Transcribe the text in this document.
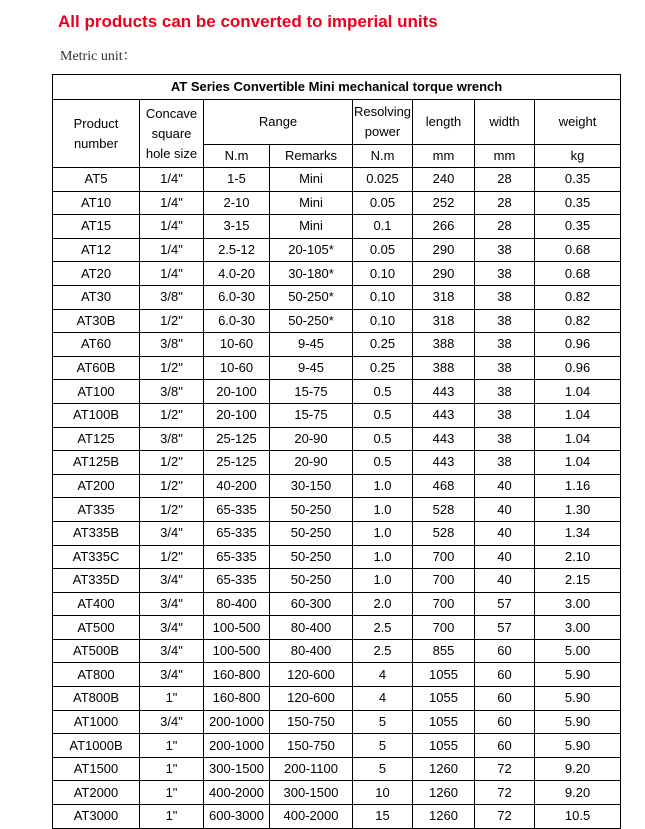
All products can be converted to imperial units
Metric unit：
AT Series Convertible Mini mechanical torque wrench							
Product number	Concave square hole size	Range		Resolving power	length	width	weight
		N.m	Remarks	N.m	mm	mm	kg
AT5	1/4"	1-5	Mini	0.025	240	28	0.35
AT10	1/4"	2-10	Mini	0.05	252	28	0.35
AT15	1/4"	3-15	Mini	0.1	266	28	0.35
AT12	1/4"	2.5-12	20-105*	0.05	290	38	0.68
AT20	1/4"	4.0-20	30-180*	0.10	290	38	0.68
AT30	3/8"	6.0-30	50-250*	0.10	318	38	0.82
AT30B	1/2"	6.0-30	50-250*	0.10	318	38	0.82
AT60	3/8"	10-60	9-45	0.25	388	38	0.96
AT60B	1/2"	10-60	9-45	0.25	388	38	0.96
AT100	3/8"	20-100	15-75	0.5	443	38	1.04
AT100B	1/2"	20-100	15-75	0.5	443	38	1.04
AT125	3/8"	25-125	20-90	0.5	443	38	1.04
AT125B	1/2"	25-125	20-90	0.5	443	38	1.04
AT200	1/2"	40-200	30-150	1.0	468	40	1.16
AT335	1/2"	65-335	50-250	1.0	528	40	1.30
AT335B	3/4"	65-335	50-250	1.0	528	40	1.34
AT335C	1/2"	65-335	50-250	1.0	700	40	2.10
AT335D	3/4"	65-335	50-250	1.0	700	40	2.15
AT400	3/4"	80-400	60-300	2.0	700	57	3.00
AT500	3/4"	100-500	80-400	2.5	700	57	3.00
AT500B	3/4"	100-500	80-400	2.5	855	60	5.00
AT800	3/4"	160-800	120-600	4	1055	60	5.90
AT800B	1"	160-800	120-600	4	1055	60	5.90
AT1000	3/4"	200-1000	150-750	5	1055	60	5.90
AT1000B	1"	200-1000	150-750	5	1055	60	5.90
AT1500	1"	300-1500	200-1100	5	1260	72	9.20
AT2000	1"	400-2000	300-1500	10	1260	72	9.20
AT3000	1"	600-3000	400-2000	15	1260	72	10.5
